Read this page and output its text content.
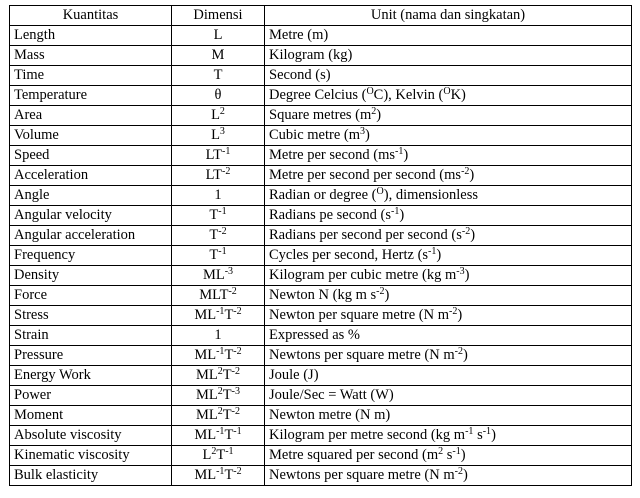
Kuantitas	Dimensi	Unit (nama dan singkatan)
Length	L	Metre (m)
Mass	M	Kilogram (kg)
Time	T	Second (s)
Temperature	θ	Degree Celcius ($^O$C), Kelvin ($^O$K)
Area	$L^2$	Square metres $(m^2)$
Volume	$L^3$	Cubic metre $(m^3)$
Speed	$LT^{-1}$	Metre per second $(ms^{-1})$
Acceleration	$LT^{-2}$	Metre per second per second $(ms^{-2})$
Angle	1	Radian or degree ($^O$), dimensionless
Angular velocity	$T^{-1}$	Radians pe second $(s^{-1})$
Angular acceleration	$T^{-2}$	Radians per second per second $(s^{-2})$
Frequency	$T^{-1}$	Cycles per second, Hertz $(s^{-1})$
Density	$ML^{-3}$	Kilogram per cubic metre (kg $m^{-3}$)
Force	$MLT^{-2}$	Newton N (kg m $s^{-2}$)
Stress	$ML^{-1}T^{-2}$	Newton per square metre (N $m^{-2}$)
Strain	1	Expressed as %
Pressure	$ML^{-1}T^{-2}$	Newtons per square metre (N $m^{-2}$)
Energy Work	$ML^2T^{-2}$	Joule (J)
Power	$ML^2T^{-3}$	Joule/Sec = Watt (W)
Moment	$ML^2T^{-2}$	Newton metre (N m)
Absolute viscosity	$ML^{-1}T^{-1}$	Kilogram per metre second (kg $m^{-1}$ $s^{-1}$)
Kinematic viscosity	$L^2T^{-1}$	Metre squared per second ($m^2$ $s^{-1}$)
Bulk elasticity	$ML^{-1}T^{-2}$	Newtons per square metre (N $m^{-2}$)
